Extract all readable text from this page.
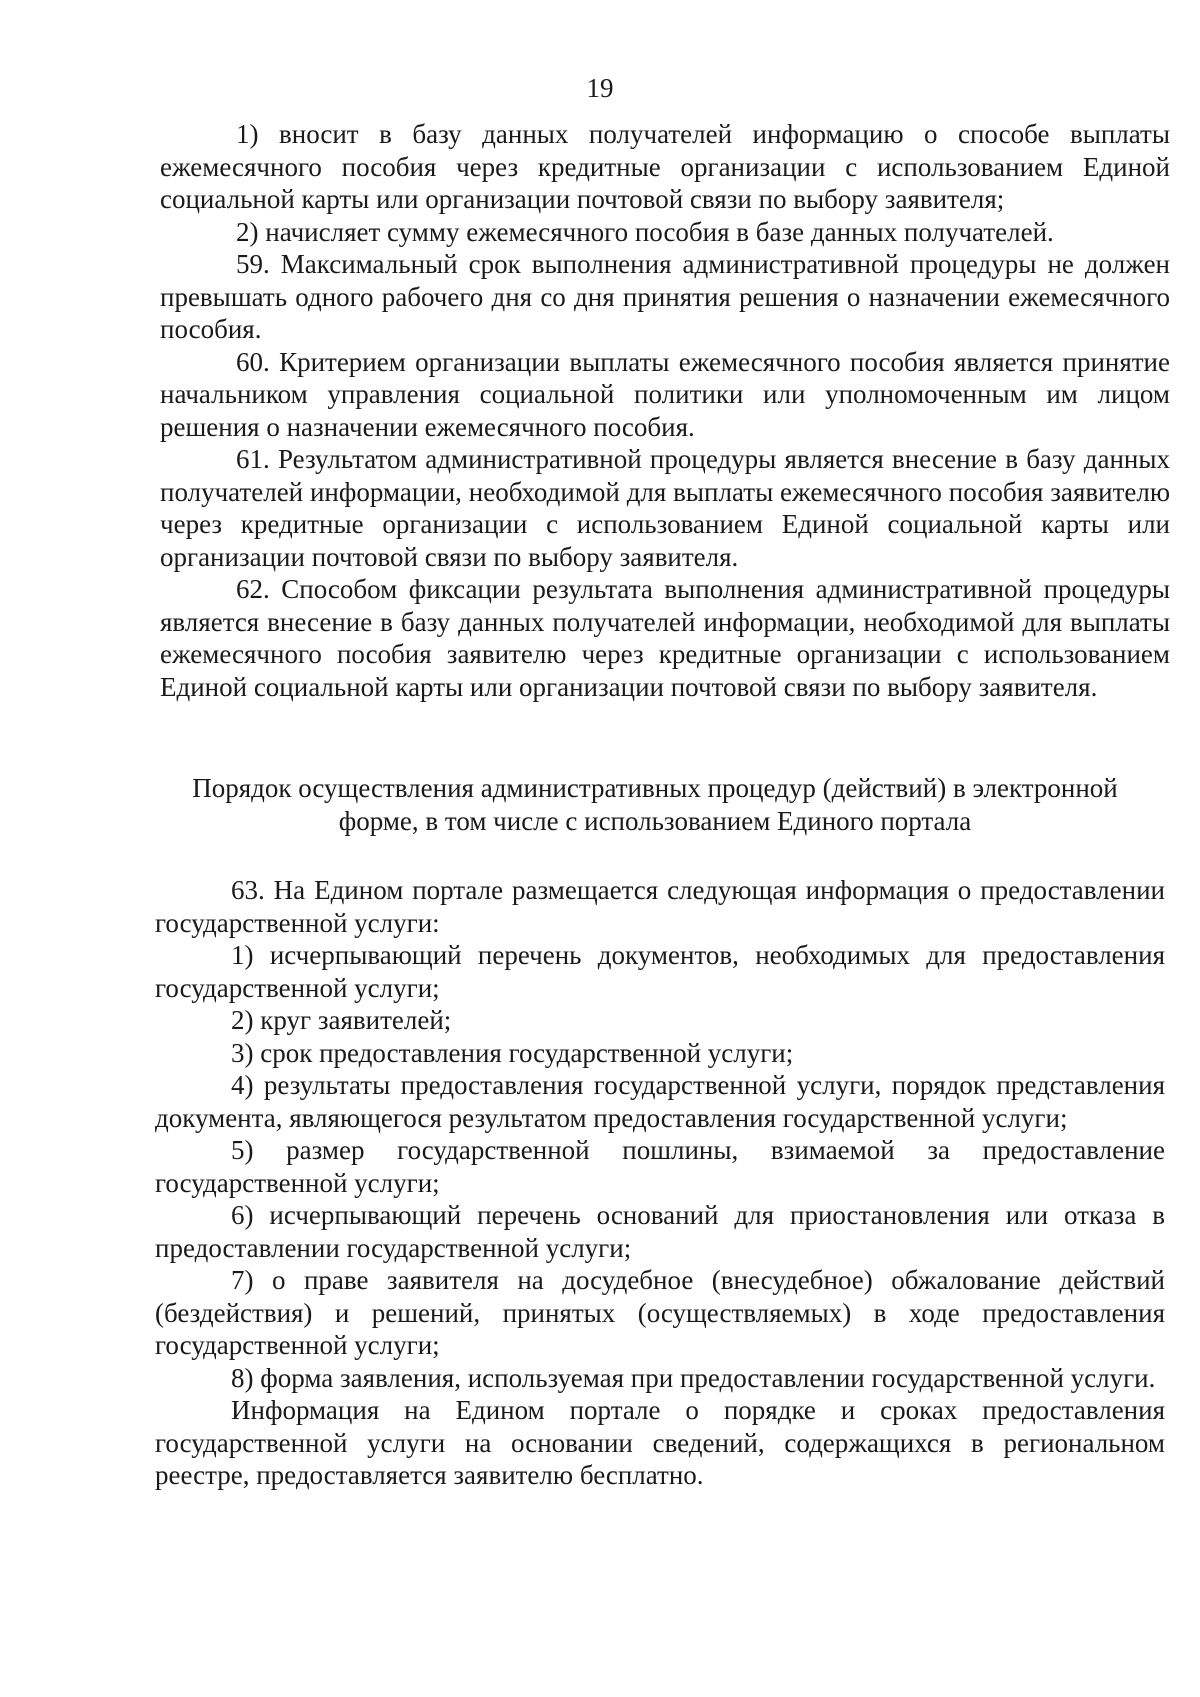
19

1) вносит в базу данных получателей информацию о способе выплаты ежемесячного пособия через кредитные организации с использованием Единой социальной карты или организации почтовой связи по выбору заявителя;

2) начисляет сумму ежемесячного пособия в базе данных получателей.

59. Максимальный срок выполнения административной процедуры не должен превышать одного рабочего дня со дня принятия решения о назначении ежемесячного пособия.

60. Критерием организации выплаты ежемесячного пособия является принятие начальником управления социальной политики или уполномоченным им лицом решения о назначении ежемесячного пособия.

61. Результатом административной процедуры является внесение в базу данных получателей информации, необходимой для выплаты ежемесячного пособия заявителю через кредитные организации с использованием Единой социальной карты или организации почтовой связи по выбору заявителя.

62. Способом фиксации результата выполнения административной процедуры является внесение в базу данных получателей информации, необходимой для выплаты ежемесячного пособия заявителю через кредитные организации с использованием Единой социальной карты или организации почтовой связи по выбору заявителя.

Порядок осуществления административных процедур (действий) в электронной форме, в том числе с использованием Единого портала

63. На Едином портале размещается следующая информация о предоставлении государственной услуги:

1) исчерпывающий перечень документов, необходимых для предоставления государственной услуги;

2) круг заявителей;

3) срок предоставления государственной услуги;

4) результаты предоставления государственной услуги, порядок представления документа, являющегося результатом предоставления государственной услуги;

5) размер государственной пошлины, взимаемой за предоставление государственной услуги;

6) исчерпывающий перечень оснований для приостановления или отказа в предоставлении государственной услуги;

7) о праве заявителя на досудебное (внесудебное) обжалование действий (бездействия) и решений, принятых (осуществляемых) в ходе предоставления государственной услуги;

8) форма заявления, используемая при предоставлении государственной услуги.

Информация на Едином портале о порядке и сроках предоставления государственной услуги на основании сведений, содержащихся в региональном реестре, предоставляется заявителю бесплатно.
